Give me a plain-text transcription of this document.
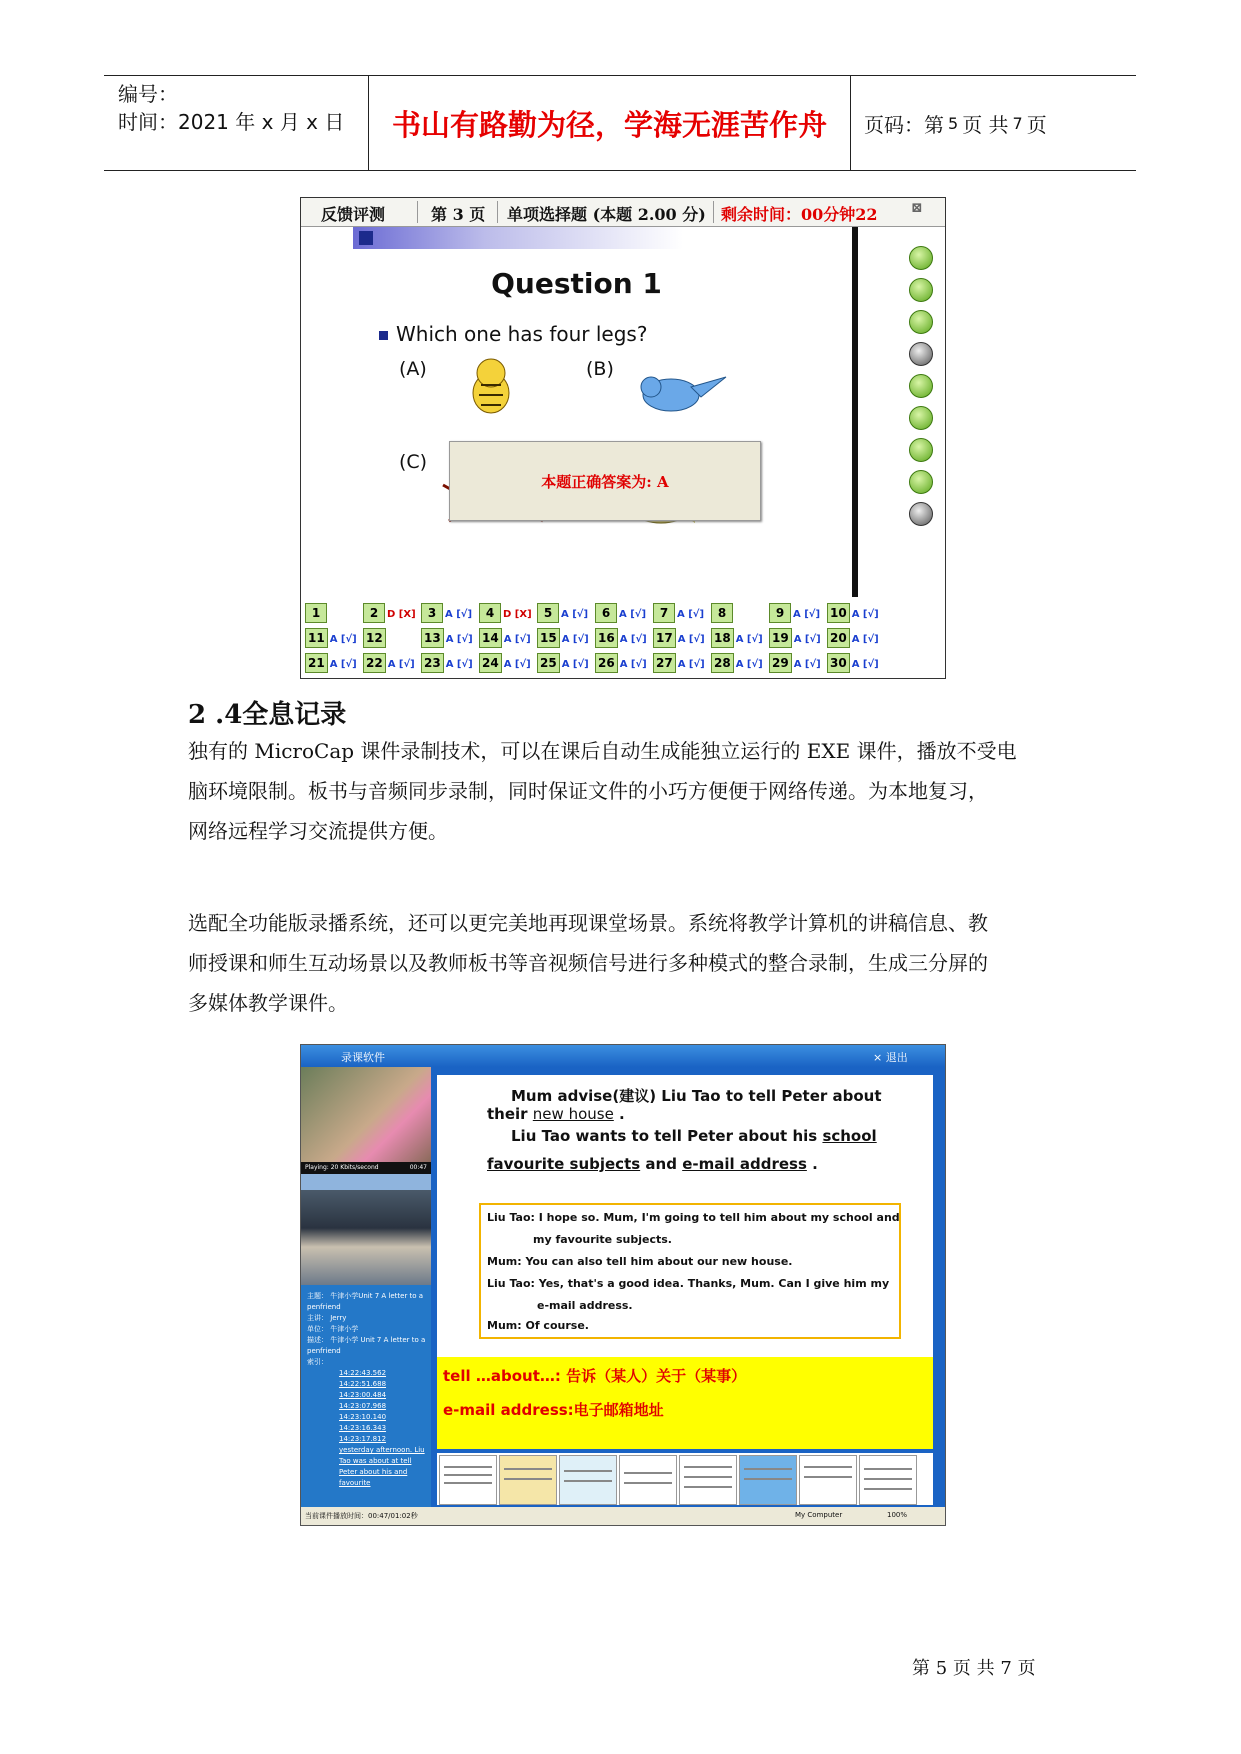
编号：
时间：2021 年 x 月 x 日	书山有路勤为径，学海无涯苦作舟	页码：第 5 页 共 7 页
反馈评测	第 3 页 单项选择题 (本题 2.00 分) 剩余时间：00分钟22 ⊠
Question 1
Which one has four legs?
(A)	(B)
(C)
本题正确答案为: A
1	2 D [X]	3 A [√]	4 D [X]	5 A [√]	6 A [√]	7 A [√]	8	9 A [√] 10 A [√]
11 A [√] 12	13 A [√] 14 A [√] 15 A [√] 16 A [√] 17 A [√] 18 A [√] 19 A [√] 20 A [√]
21 A [√] 22 A [√] 23 A [√] 24 A [√] 25 A [√] 26 A [√] 27 A [√] 28 A [√] 29 A [√] 30 A [√]
2 .4全息记录
独有的 MicroCap 课件录制技术，可以在课后自动生成能独立运行的 EXE 课件，播放不受电
脑环境限制。板书与音频同步录制，同时保证文件的小巧方便便于网络传递。为本地复习，
网络远程学习交流提供方便。
选配全功能版录播系统，还可以更完美地再现课堂场景。系统将教学计算机的讲稿信息、教
师授课和师生互动场景以及教师板书等音视频信号进行多种模式的整合录制，生成三分屏的
多媒体教学课件。
录课软件	× 退出
Playing: 20 Kbits/second	00:47
主题： 牛津小学Unit 7 A letter to a penfriend
主讲： Jerry
单位： 牛津小学
描述： 牛津小学 Unit 7 A letter to a penfriend
索引：
14:22:43.562
14:22:51.688
14:23:00.484
14:23:07.968
14:23:10.140
14:23:16.343
14:23:17.812
yesterday afternoon. Liu Tao was about at tell Peter about his and favourite
Mum advise(建议) Liu Tao to tell Peter about
their new house .
Liu Tao wants to tell Peter about his school
favourite subjects and e-mail address .
Liu Tao: I hope so. Mum, I'm going to tell him about my school and
my favourite subjects.
Mum: You can also tell him about our new house.
Liu Tao: Yes, that's a good idea. Thanks, Mum. Can I give him my
e-mail address.
Mum: Of course.
tell …about…: 告诉（某人）关于（某事）
e-mail address:电子邮箱地址
当前课件播放时间：00:47/01:02秒	My Computer	100%
第 5 页 共 7 页
